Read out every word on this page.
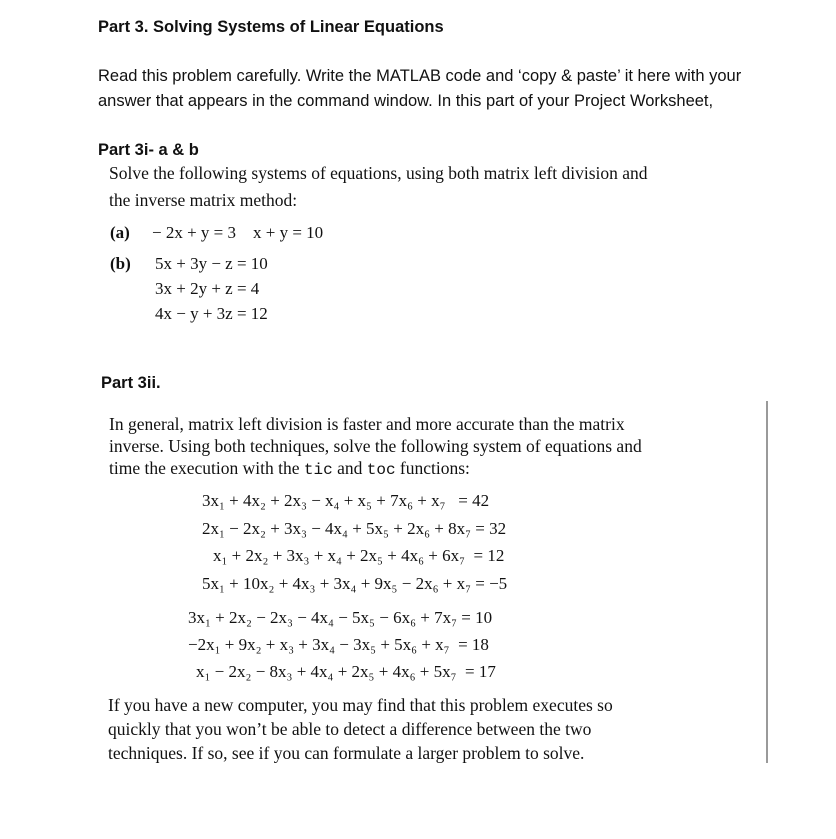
Part 3. Solving Systems of Linear Equations
Read this problem carefully. Write the MATLAB code and ‘copy & paste’ it here with your
answer that appears in the command window. In this part of your Project Worksheet,
Part 3i- a & b
Solve the following systems of equations, using both matrix left division and
the inverse matrix method:
(a) − 2x + y = 3    x + y = 10
(b) 5x + 3y − z = 10
3x + 2y + z = 4
4x − y + 3z = 12
Part 3ii.
In general, matrix left division is faster and more accurate than the matrix
inverse. Using both techniques, solve the following system of equations and
time the execution with the tic and toc functions:
3x₁ + 4x₂ + 2x₃ − x₄ + x₅ + 7x₆ + x₇   = 42
2x₁ − 2x₂ + 3x₃ − 4x₄ + 5x₅ + 2x₆ + 8x₇ = 32
x₁ + 2x₂ + 3x₃ + x₄ + 2x₅ + 4x₆ + 6x₇  = 12
5x₁ + 10x₂ + 4x₃ + 3x₄ + 9x₅ − 2x₆ + x₇ = −5
3x₁ + 2x₂ − 2x₃ − 4x₄ − 5x₅ − 6x₆ + 7x₇ = 10
−2x₁ + 9x₂ + x₃ + 3x₄ − 3x₅ + 5x₆ + x₇  = 18
x₁ − 2x₂ − 8x₃ + 4x₄ + 2x₅ + 4x₆ + 5x₇  = 17
If you have a new computer, you may find that this problem executes so
quickly that you won’t be able to detect a difference between the two
techniques. If so, see if you can formulate a larger problem to solve.
